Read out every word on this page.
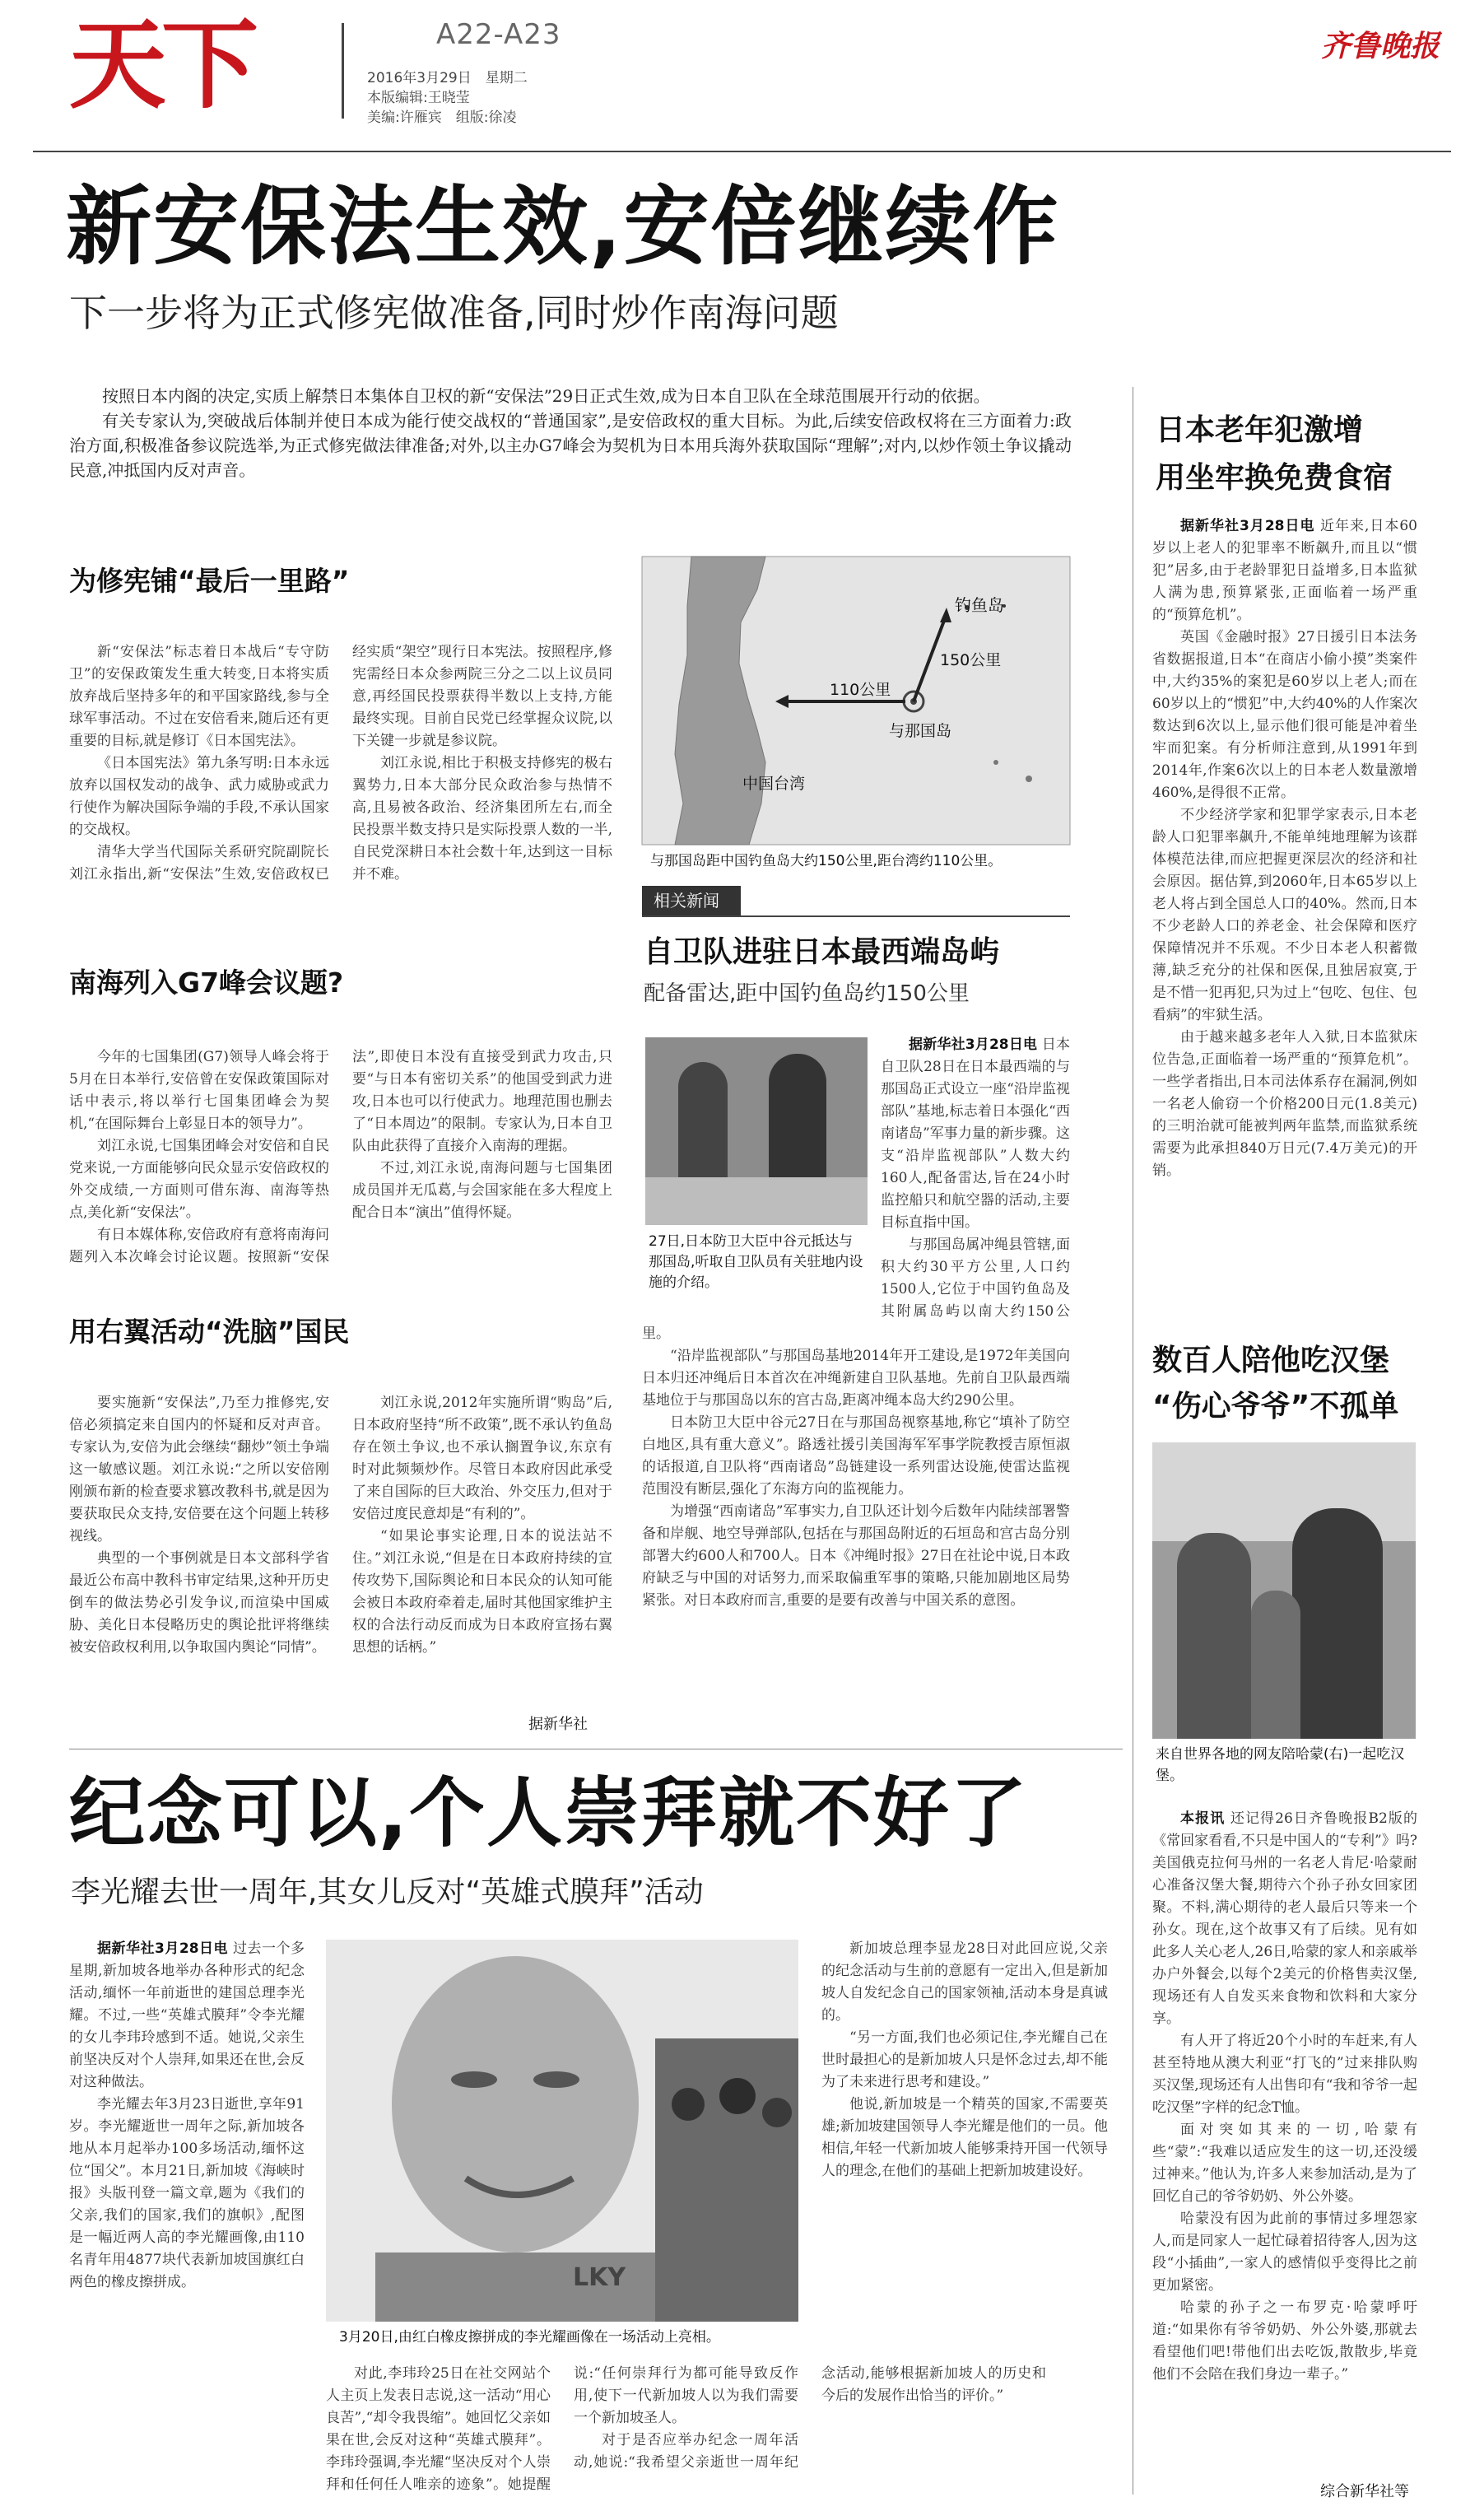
天下	A22-A23
2016年3月29日　星期二
本版编辑:王晓莹
美编:许雁宾　组版:徐凌
齐鲁晚报
新安保法生效,安倍继续作
下一步将为正式修宪做准备,同时炒作南海问题

按照日本内阁的决定,实质上解禁日本集体自卫权的新“安保法”29日正式生效,成为日本自卫队在全球范围展开行动的依据。

有关专家认为,突破战后体制并使日本成为能行使交战权的“普通国家”,是安倍政权的重大目标。为此,后续安倍政权将在三方面着力:政治方面,积极准备参议院选举,为正式修宪做法律准备;对外,以主办G7峰会为契机为日本用兵海外获取国际“理解”;对内,以炒作领土争议撬动民意,冲抵国内反对声音。

为修宪铺“最后一里路”

新“安保法”标志着日本战后“专守防卫”的安保政策发生重大转变,日本将实质放弃战后坚持多年的和平国家路线,参与全球军事活动。不过在安倍看来,随后还有更重要的目标,就是修订《日本国宪法》。

《日本国宪法》第九条写明:日本永远放弃以国权发动的战争、武力威胁或武力行使作为解决国际争端的手段,不承认国家的交战权。

清华大学当代国际关系研究院副院长刘江永指出,新“安保法”生效,安倍政权已经实质“架空”现行日本宪法。按照程序,修宪需经日本众参两院三分之二以上议员同意,再经国民投票获得半数以上支持,方能最终实现。目前自民党已经掌握众议院,以下关键一步就是参议院。

刘江永说,相比于积极支持修宪的极右翼势力,日本大部分民众政治参与热情不高,且易被各政治、经济集团所左右,而全民投票半数支持只是实际投票人数的一半,自民党深耕日本社会数十年,达到这一目标并不难。

南海列入G7峰会议题?

今年的七国集团(G7)领导人峰会将于5月在日本举行,安倍曾在安保政策国际对话中表示,将以举行七国集团峰会为契机,“在国际舞台上彰显日本的领导力”。

刘江永说,七国集团峰会对安倍和自民党来说,一方面能够向民众显示安倍政权的外交成绩,一方面则可借东海、南海等热点,美化新“安保法”。

有日本媒体称,安倍政府有意将南海问题列入本次峰会讨论议题。按照新“安保法”,即使日本没有直接受到武力攻击,只要“与日本有密切关系”的他国受到武力进攻,日本也可以行使武力。地理范围也删去了“日本周边”的限制。专家认为,日本自卫队由此获得了直接介入南海的理据。

不过,刘江永说,南海问题与七国集团成员国并无瓜葛,与会国家能在多大程度上配合日本“演出”值得怀疑。

用右翼活动“洗脑”国民

要实施新“安保法”,乃至力推修宪,安倍必须搞定来自国内的怀疑和反对声音。专家认为,安倍为此会继续“翻炒”领土争端这一敏感议题。刘江永说:“之所以安倍刚刚颁布新的检查要求篡改教科书,就是因为要获取民众支持,安倍要在这个问题上转移视线。

典型的一个事例就是日本文部科学省最近公布高中教科书审定结果,这种开历史倒车的做法势必引发争议,而渲染中国威胁、美化日本侵略历史的舆论批评将继续被安倍政权利用,以争取国内舆论“同情”。

刘江永说,2012年实施所谓“购岛”后,日本政府坚持“所不政策”,既不承认钓鱼岛存在领土争议,也不承认搁置争议,东京有时对此频频炒作。尽管日本政府因此承受了来自国际的巨大政治、外交压力,但对于安倍过度民意却是“有利的”。

“如果论事实论理,日本的说法站不住。”刘江永说,“但是在日本政府持续的宣传攻势下,国际舆论和日本民众的认知可能会被日本政府牵着走,届时其他国家维护主权的合法行动反而成为日本政府宣扬右翼思想的话柄。”

据新华社
钓鱼岛
150公里
110公里
与那国岛
中国台湾
与那国岛距中国钓鱼岛大约150公里,距台湾约110公里。
相关新闻
自卫队进驻日本最西端岛屿
配备雷达,距中国钓鱼岛约150公里
27日,日本防卫大臣中谷元抵达与那国岛,听取自卫队员有关驻地内设施的介绍。

据新华社3月28日电 日本自卫队28日在日本最西端的与那国岛正式设立一座“沿岸监视部队”基地,标志着日本强化“西南诸岛”军事力量的新步骤。这支“沿岸监视部队”人数大约160人,配备雷达,旨在24小时监控船只和航空器的活动,主要目标直指中国。

与那国岛属冲绳县管辖,面积大约30平方公里,人口约1500人,它位于中国钓鱼岛及其附属岛屿以南大约150公里。

“沿岸监视部队”与那国岛基地2014年开工建设,是1972年美国向日本归还冲绳后日本首次在冲绳新建自卫队基地。先前自卫队最西端基地位于与那国岛以东的宫古岛,距离冲绳本岛大约290公里。

日本防卫大臣中谷元27日在与那国岛视察基地,称它“填补了防空白地区,具有重大意义”。路透社援引美国海军军事学院教授吉原恒淑的话报道,自卫队将“西南诸岛”岛链建设一系列雷达设施,使雷达监视范围没有断层,强化了东海方向的监视能力。

为增强“西南诸岛”军事实力,自卫队还计划今后数年内陆续部署警备和岸舰、地空导弹部队,包括在与那国岛附近的石垣岛和宫古岛分别部署大约600人和700人。日本《冲绳时报》27日在社论中说,日本政府缺乏与中国的对话努力,而采取偏重军事的策略,只能加剧地区局势紧张。对日本政府而言,重要的是要有改善与中国关系的意图。

日本老年犯激增
用坐牢换免费食宿

据新华社3月28日电 近年来,日本60岁以上老人的犯罪率不断飙升,而且以“惯犯”居多,由于老龄罪犯日益增多,日本监狱人满为患,预算紧张,正面临着一场严重的“预算危机”。

英国《金融时报》27日援引日本法务省数据报道,日本“在商店小偷小摸”类案件中,大约35%的案犯是60岁以上老人;而在60岁以上的“惯犯”中,大约40%的人作案次数达到6次以上,显示他们很可能是冲着坐牢而犯案。有分析师注意到,从1991年到2014年,作案6次以上的日本老人数量激增460%,是得很不正常。

不少经济学家和犯罪学家表示,日本老龄人口犯罪率飙升,不能单纯地理解为该群体模范法律,而应把握更深层次的经济和社会原因。据估算,到2060年,日本65岁以上老人将占到全国总人口的40%。然而,日本不少老龄人口的养老金、社会保障和医疗保障情况并不乐观。不少日本老人积蓄微薄,缺乏充分的社保和医保,且独居寂寞,于是不惜一犯再犯,只为过上“包吃、包住、包看病”的牢狱生活。

由于越来越多老年人入狱,日本监狱床位告急,正面临着一场严重的“预算危机”。一些学者指出,日本司法体系存在漏洞,例如一名老人偷窃一个价格200日元(1.8美元)的三明治就可能被判两年监禁,而监狱系统需要为此承担840万日元(7.4万美元)的开销。

数百人陪他吃汉堡
“伤心爷爷”不孤单
来自世界各地的网友陪哈蒙(右)一起吃汉堡。

本报讯 还记得26日齐鲁晚报B2版的《常回家看看,不只是中国人的“专利”》吗?美国俄克拉何马州的一名老人肯尼·哈蒙耐心准备汉堡大餐,期待六个孙子孙女回家团聚。不料,满心期待的老人最后只等来一个孙女。现在,这个故事又有了后续。见有如此多人关心老人,26日,哈蒙的家人和亲戚举办户外餐会,以每个2美元的价格售卖汉堡,现场还有人自发买来食物和饮料和大家分享。

有人开了将近20个小时的车赶来,有人甚至特地从澳大利亚“打飞的”过来排队购买汉堡,现场还有人出售印有“我和爷爷一起吃汉堡”字样的纪念T恤。

面对突如其来的一切,哈蒙有些“蒙”:“我难以适应发生的这一切,还没缓过神来。”他认为,许多人来参加活动,是为了回忆自己的爷爷奶奶、外公外婆。

哈蒙没有因为此前的事情过多埋怨家人,而是同家人一起忙碌着招待客人,因为这段“小插曲”,一家人的感情似乎变得比之前更加紧密。

哈蒙的孙子之一布罗克·哈蒙呼吁道:“如果你有爷爷奶奶、外公外婆,那就去看望他们吧!带他们出去吃饭,散散步,毕竟他们不会陪在我们身边一辈子。”

综合新华社等
纪念可以,个人崇拜就不好了
李光耀去世一周年,其女儿反对“英雄式膜拜”活动

据新华社3月28日电 过去一个多星期,新加坡各地举办各种形式的纪念活动,缅怀一年前逝世的建国总理李光耀。不过,一些“英雄式膜拜”令李光耀的女儿李玮玲感到不适。她说,父亲生前坚决反对个人崇拜,如果还在世,会反对这种做法。

李光耀去年3月23日逝世,享年91岁。李光耀逝世一周年之际,新加坡各地从本月起举办100多场活动,缅怀这位“国父”。本月21日,新加坡《海峡时报》头版刊登一篇文章,题为《我们的父亲,我们的国家,我们的旗帜》,配图是一幅近两人高的李光耀画像,由110名青年用4877块代表新加坡国旗红白两色的橡皮擦拼成。	LKY
3月20日,由红白橡皮擦拼成的李光耀画像在一场活动上亮相。

对此,李玮玲25日在社交网站个人主页上发表日志说,这一活动“用心良苦”,“却令我畏缩”。她回忆父亲如果在世,会反对这种“英雄式膜拜”。李玮玲强调,李光耀“坚决反对个人崇拜和任何任人唯亲的迹象”。她提醒说:“任何崇拜行为都可能导致反作用,使下一代新加坡人以为我们需要一个新加坡圣人。

对于是否应举办纪念一周年活动,她说:“我希望父亲逝世一周年纪念活动,能够根据新加坡人的历史和今后的发展作出恰当的评价。”

新加坡总理李显龙28日对此回应说,父亲的纪念活动与生前的意愿有一定出入,但是新加坡人自发纪念自己的国家领袖,活动本身是真诚的。

“另一方面,我们也必须记住,李光耀自己在世时最担心的是新加坡人只是怀念过去,却不能为了未来进行思考和建设。”

他说,新加坡是一个精英的国家,不需要英雄;新加坡建国领导人李光耀是他们的一员。他相信,年轻一代新加坡人能够秉持开国一代领导人的理念,在他们的基础上把新加坡建设好。
